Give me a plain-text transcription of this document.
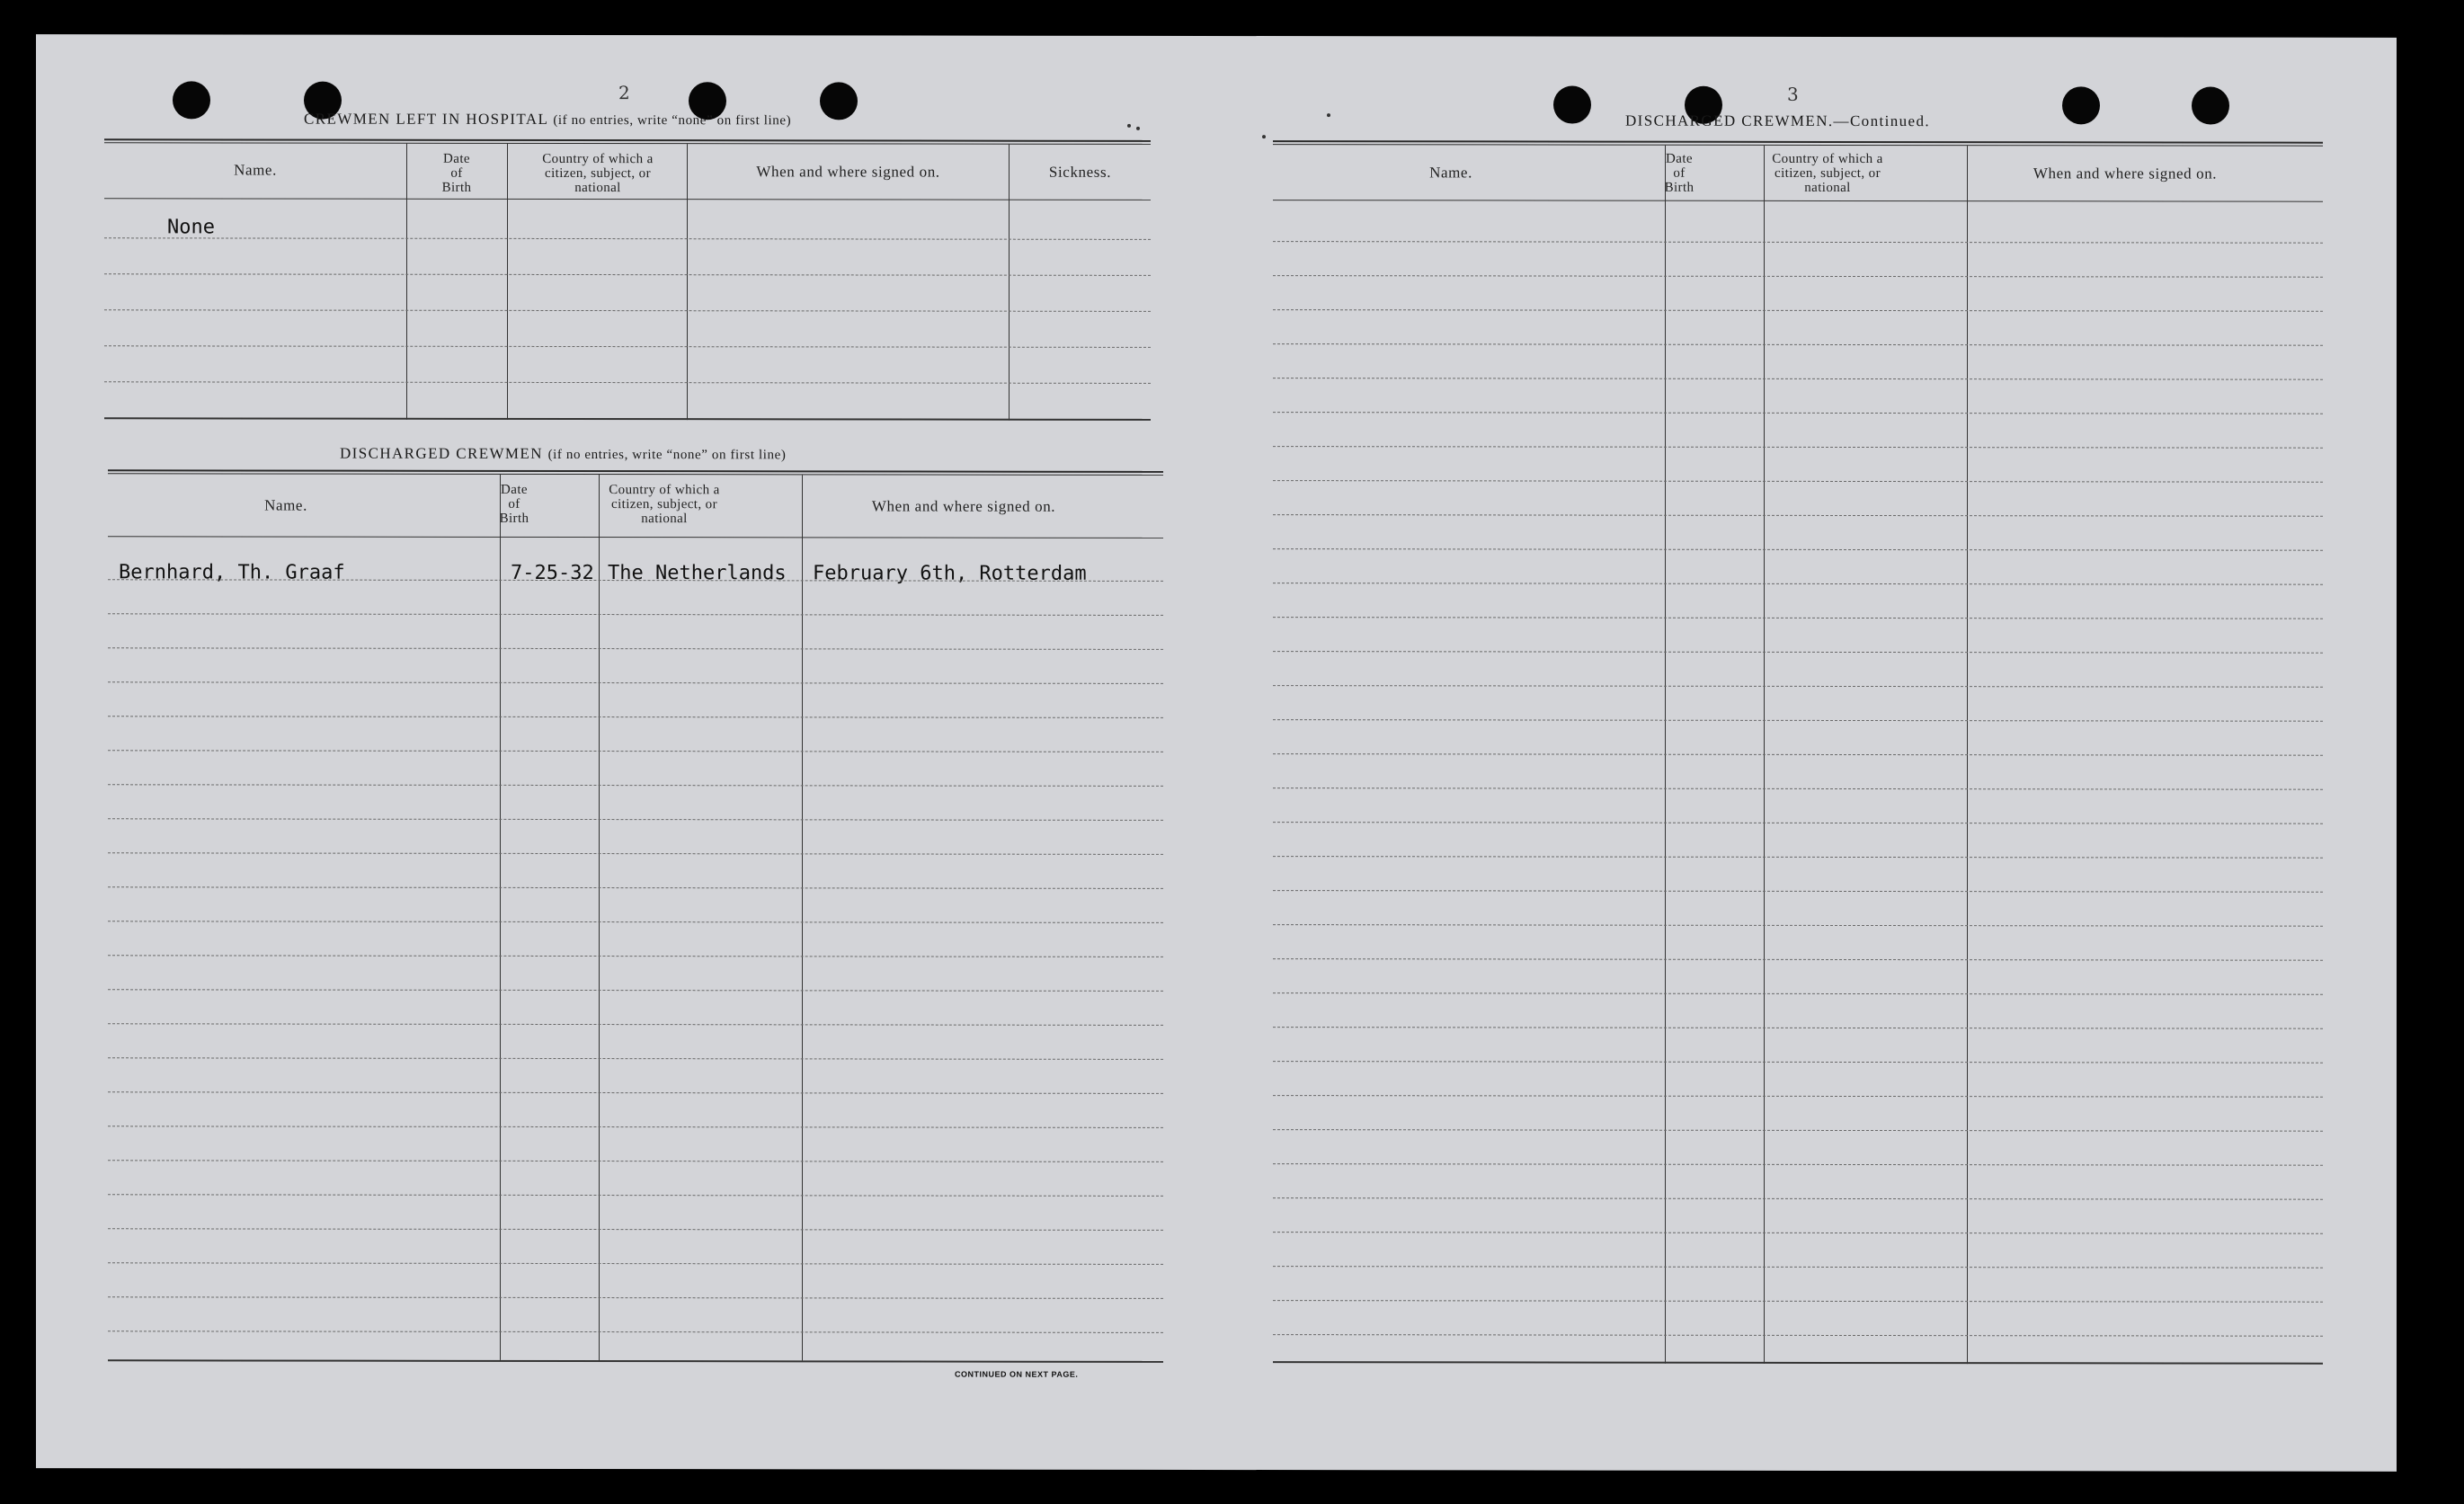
2
CREWMEN LEFT IN HOSPITAL (if no entries, write “none” on first line)
Name.
Date
of
Birth
Country of which a
citizen, subject, or
national
When and where signed on.	Sickness.
None
DISCHARGED CREWMEN (if no entries, write “none” on first line)
Name.
Date
of
Birth
Country of which a
citizen, subject, or
national
When and where signed on.
Bernhard, Th. Graaf	7-25-32 The Netherlands February 6th, Rotterdam
CONTINUED ON NEXT PAGE.
3
DISCHARGED CREWMEN.—Continued.
Name.
Date
of
Birth
Country of which a
citizen, subject, or
national
When and where signed on.
